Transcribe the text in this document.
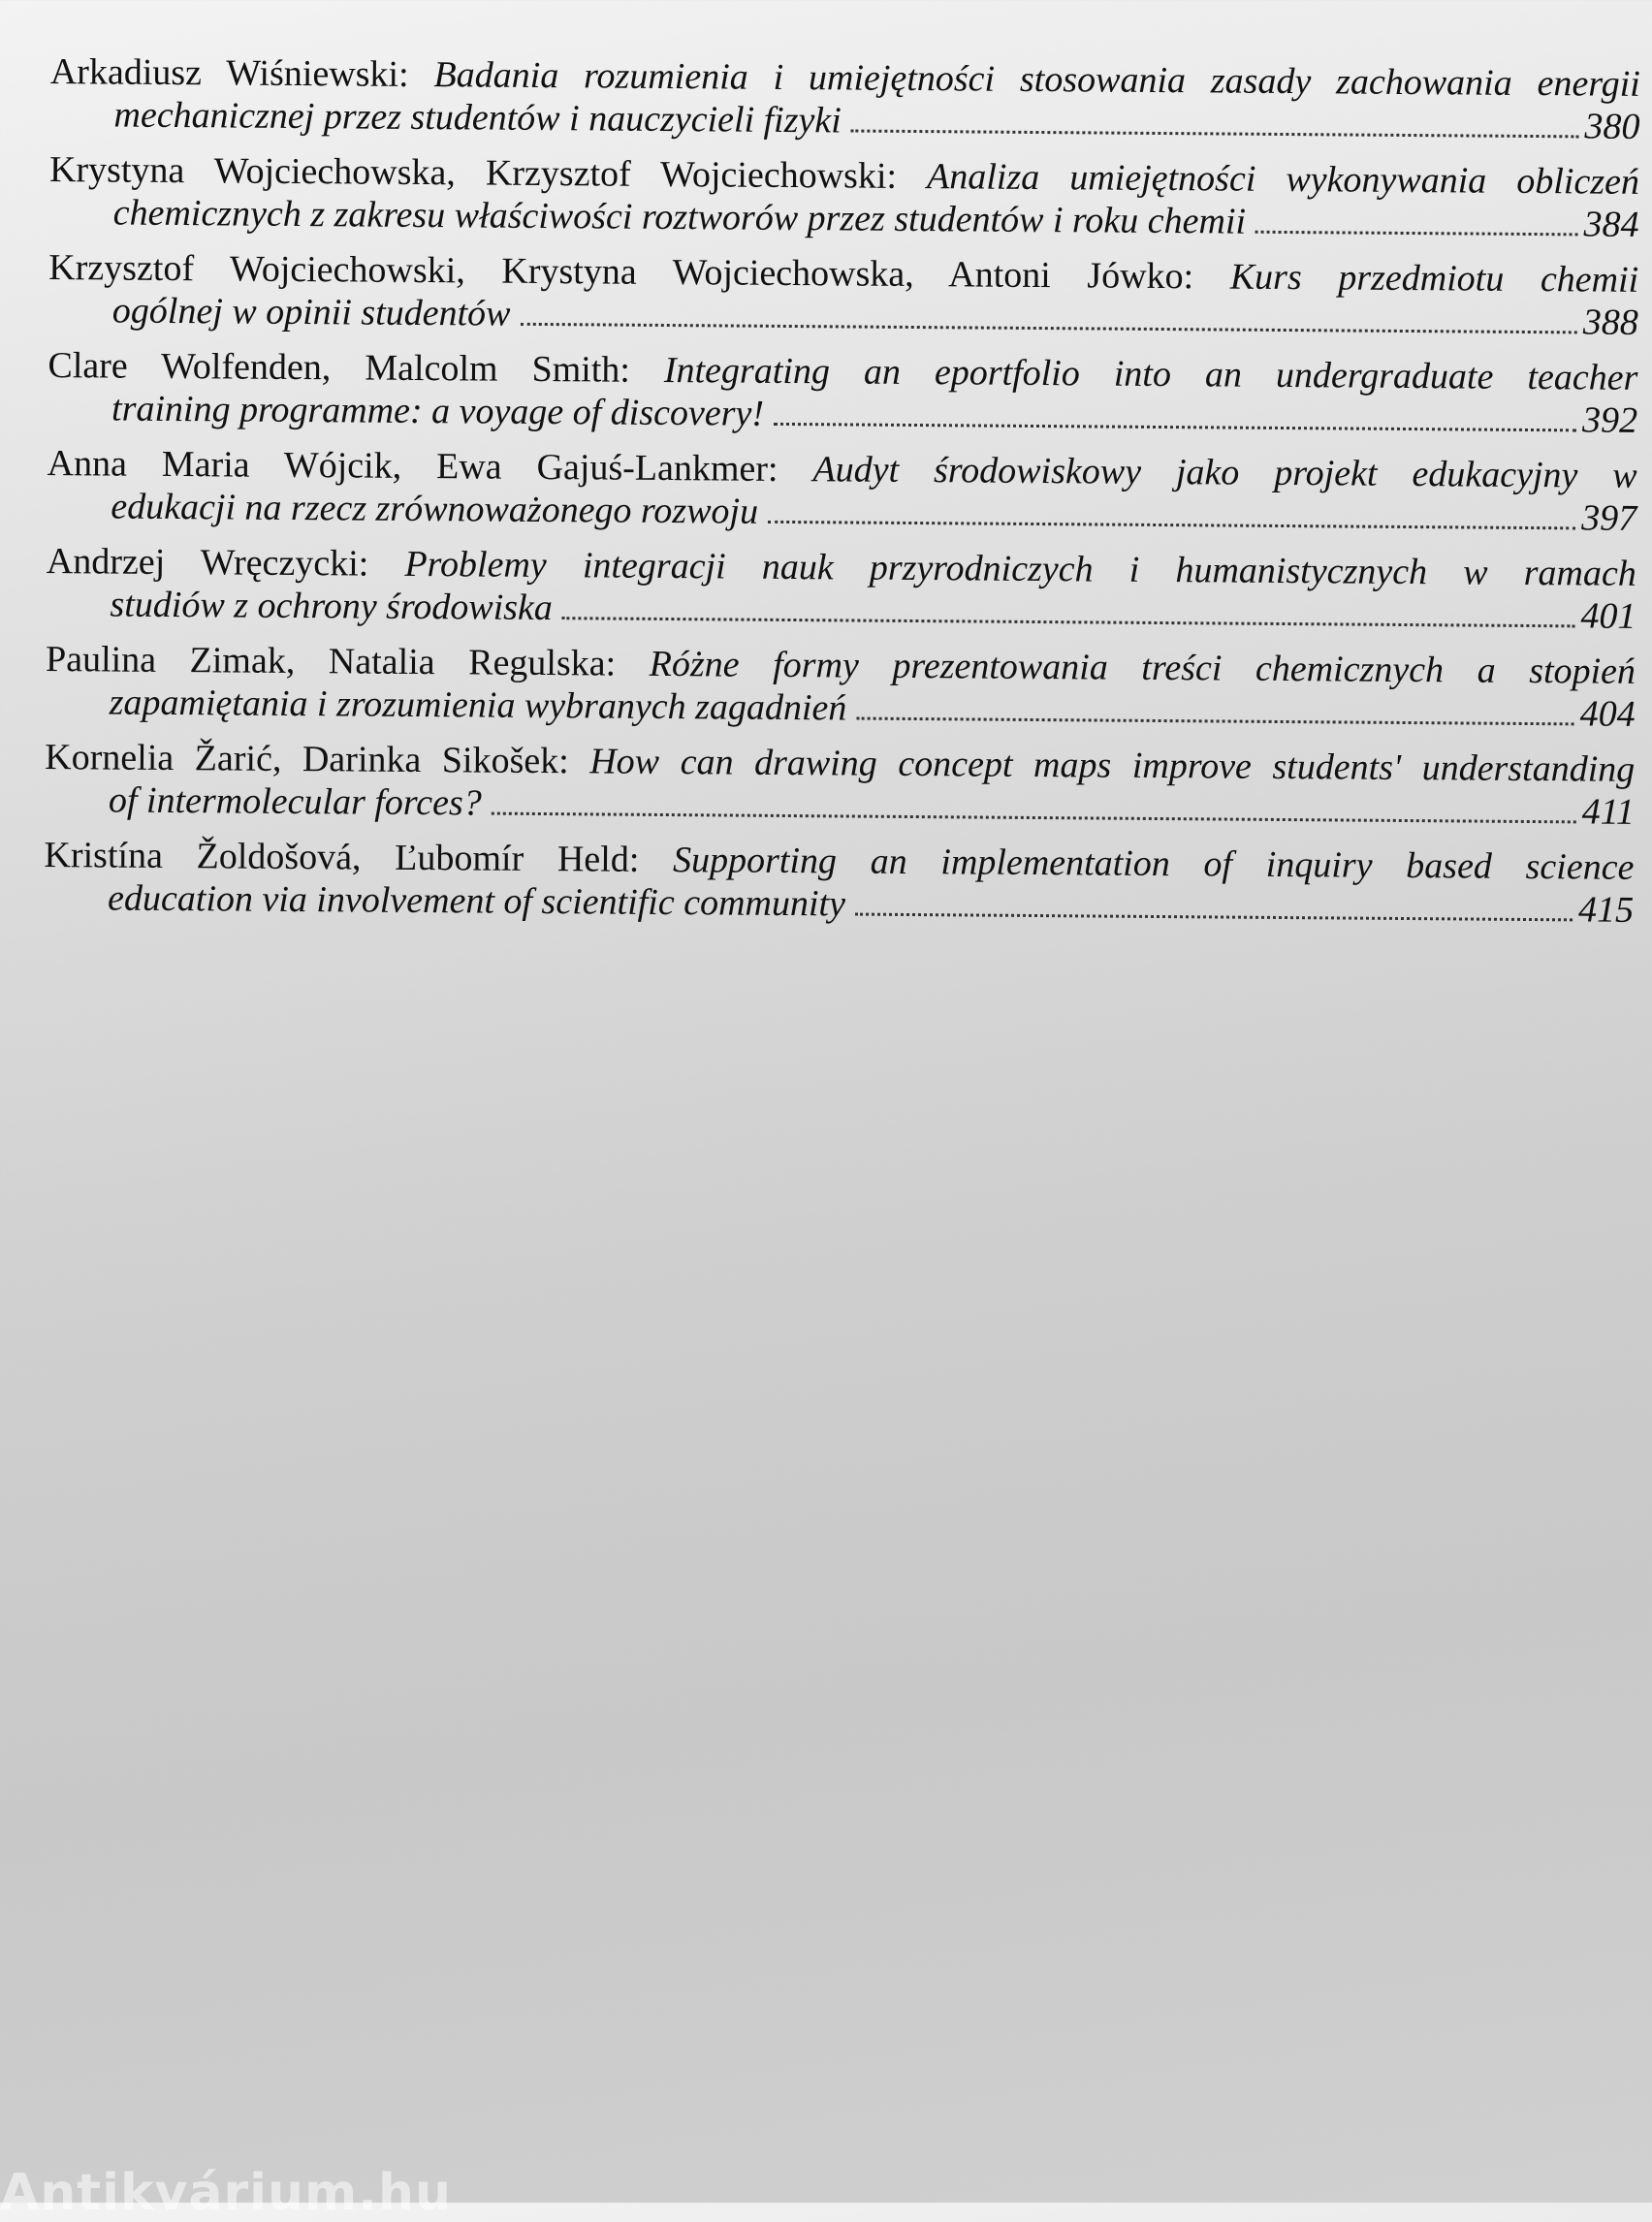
Arkadiusz Wiśniewski: Badania rozumienia i umiejętności stosowania zasady zachowania energii
mechanicznej przez studentów i nauczycieli fizyki	380
Krystyna Wojciechowska, Krzysztof Wojciechowski: Analiza umiejętności wykonywania obliczeń
chemicznych z zakresu właściwości roztworów przez studentów i roku chemii	384
Krzysztof Wojciechowski, Krystyna Wojciechowska, Antoni Jówko: Kurs przedmiotu chemii
ogólnej w opinii studentów	388
Clare Wolfenden, Malcolm Smith: Integrating an eportfolio into an undergraduate teacher
training programme: a voyage of discovery!	392
Anna Maria Wójcik, Ewa Gajuś-Lankmer: Audyt środowiskowy jako projekt edukacyjny w
edukacji na rzecz zrównoważonego rozwoju	397
Andrzej Wręczycki: Problemy integracji nauk przyrodniczych i humanistycznych w ramach
studiów z ochrony środowiska	401
Paulina Zimak, Natalia Regulska: Różne formy prezentowania treści chemicznych a stopień
zapamiętania i zrozumienia wybranych zagadnień	404
Kornelia Žarić, Darinka Sikošek: How can drawing concept maps improve students' understanding
of intermolecular forces?	411
Kristína Žoldošová, Ľubomír Held: Supporting an implementation of inquiry based science
education via involvement of scientific community	415
Antikvárium.hu
